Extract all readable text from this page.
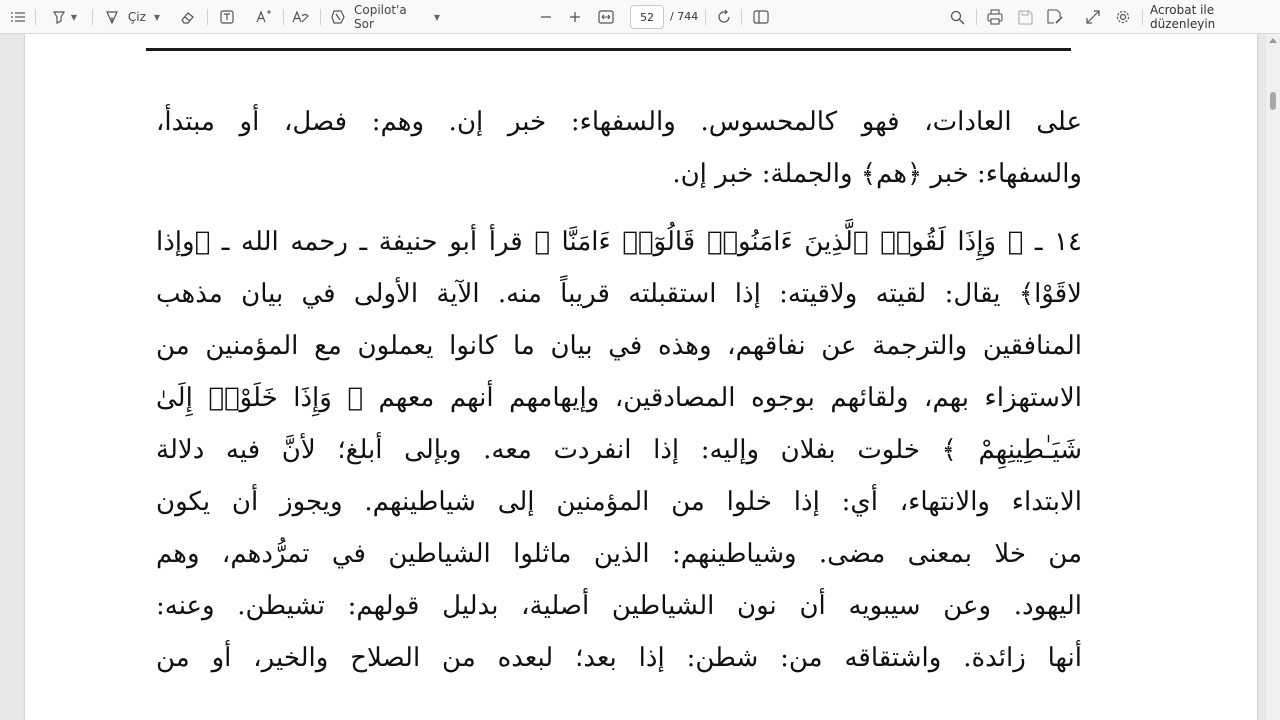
▼	Çiz ▼	Copilot'a Sor	▼
52	/ 744	Acrobat ile düzenleyin
على العادات، فهو كالمحسوس. والسفهاء: خبر إن. وهم: فصل، أو مبتدأ،
والسفهاء: خبر ﴿هم﴾ والجملة: خبر إن.
١٤ ـ ﴿ وَإِذَا لَقُوا۟ ٱلَّذِينَ ءَامَنُوا۟ قَالُوٓا۟ ءَامَنَّا ﴾ قرأ أبو حنيفة ـ رحمه الله ـ ﴿وإذا
لاقَوْا﴾ يقال: لقيته ولاقيته: إذا استقبلته قريباً منه. الآية الأولى في بيان مذهب
المنافقين والترجمة عن نفاقهم، وهذه في بيان ما كانوا يعملون مع المؤمنين من
الاستهزاء بهم، ولقائهم بوجوه المصادقين، وإيهامهم أنهم معهم ﴿ وَإِذَا خَلَوْا۟ إِلَىٰ
شَيَـٰطِينِهِمْ ﴾ خلوت بفلان وإليه: إذا انفردت معه. وبإلى أبلغ؛ لأنَّ فيه دلالة
الابتداء والانتهاء، أي: إذا خلوا من المؤمنين إلى شياطينهم. ويجوز أن يكون
من خلا بمعنى مضى. وشياطينهم: الذين ماثلوا الشياطين في تمرُّدهم، وهم
اليهود. وعن سيبويه أن نون الشياطين أصلية، بدليل قولهم: تشيطن. وعنه:
أنها زائدة. واشتقاقه من: شطن: إذا بعد؛ لبعده من الصلاح والخير، أو من
